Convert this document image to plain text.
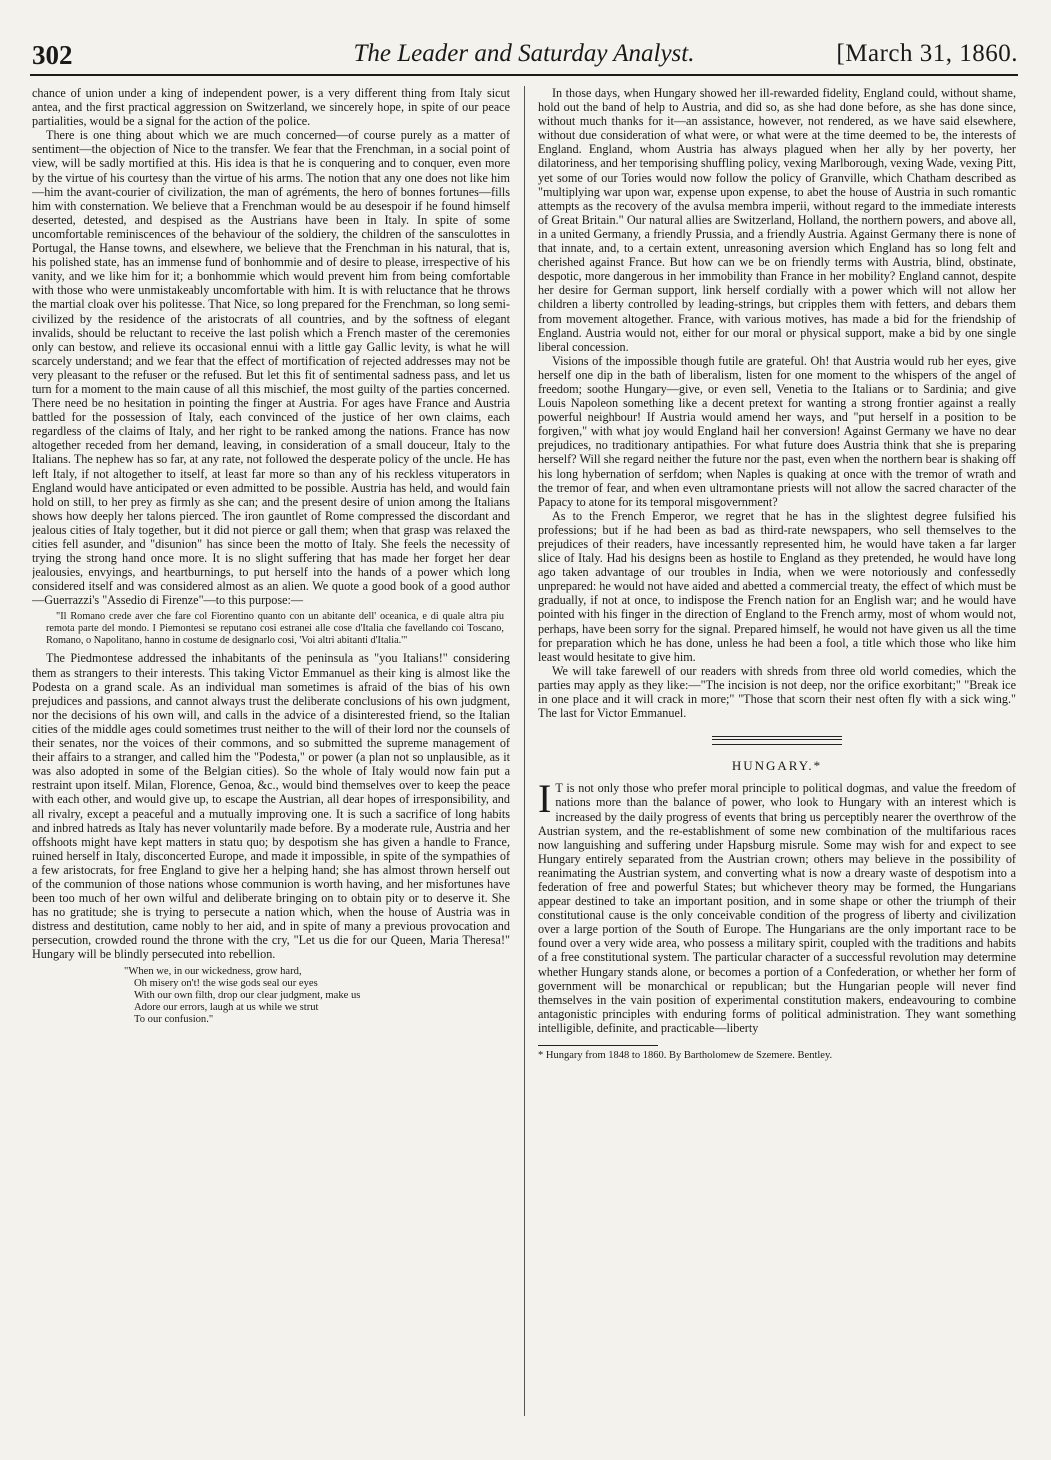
302	The Leader and Saturday Analyst.	[March 31, 1860.

chance of union under a king of independent power, is a very different thing from Italy sicut antea, and the first practical aggression on Switzerland, we sincerely hope, in spite of our peace partialities, would be a signal for the action of the police.

There is one thing about which we are much concerned—of course purely as a matter of sentiment—the objection of Nice to the transfer. We fear that the Frenchman, in a social point of view, will be sadly mortified at this. His idea is that he is conquering and to conquer, even more by the virtue of his courtesy than the virtue of his arms. The notion that any one does not like him—him the avant-courier of civilization, the man of agréments, the hero of bonnes fortunes—fills him with consternation. We believe that a Frenchman would be au desespoir if he found himself deserted, detested, and despised as the Austrians have been in Italy. In spite of some uncomfortable reminiscences of the behaviour of the soldiery, the children of the sansculottes in Portugal, the Hanse towns, and elsewhere, we believe that the Frenchman in his natural, that is, his polished state, has an immense fund of bonhommie and of desire to please, irrespective of his vanity, and we like him for it; a bonhommie which would prevent him from being comfortable with those who were unmistakeably uncomfortable with him. It is with reluctance that he throws the martial cloak over his politesse. That Nice, so long prepared for the Frenchman, so long semi-civilized by the residence of the aristocrats of all countries, and by the softness of elegant invalids, should be reluctant to receive the last polish which a French master of the ceremonies only can bestow, and relieve its occasional ennui with a little gay Gallic levity, is what he will scarcely understand; and we fear that the effect of mortification of rejected addresses may not be very pleasant to the refuser or the refused. But let this fit of sentimental sadness pass, and let us turn for a moment to the main cause of all this mischief, the most guilty of the parties concerned. There need be no hesitation in pointing the finger at Austria. For ages have France and Austria battled for the possession of Italy, each convinced of the justice of her own claims, each regardless of the claims of Italy, and her right to be ranked among the nations. France has now altogether receded from her demand, leaving, in consideration of a small douceur, Italy to the Italians. The nephew has so far, at any rate, not followed the desperate policy of the uncle. He has left Italy, if not altogether to itself, at least far more so than any of his reckless vituperators in England would have anticipated or even admitted to be possible. Austria has held, and would fain hold on still, to her prey as firmly as she can; and the present desire of union among the Italians shows how deeply her talons pierced. The iron gauntlet of Rome compressed the discordant and jealous cities of Italy together, but it did not pierce or gall them; when that grasp was relaxed the cities fell asunder, and "disunion" has since been the motto of Italy. She feels the necessity of trying the strong hand once more. It is no slight suffering that has made her forget her dear jealousies, envyings, and heartburnings, to put herself into the hands of a power which long considered itself and was considered almost as an alien. We quote a good book of a good author—Guerrazzi's "Assedio di Firenze"—to this purpose:—

"Il Romano crede aver che fare col Fiorentino quanto con un abitante dell' oceanica, e di quale altra piu remota parte del mondo. I Piemontesi se reputano cosi estranei alle cose d'Italia che favellando coi Toscano, Romano, o Napolitano, hanno in costume de designarlo cosi, 'Voi altri abitanti d'Italia.'"

The Piedmontese addressed the inhabitants of the peninsula as "you Italians!" considering them as strangers to their interests. This taking Victor Emmanuel as their king is almost like the Podesta on a grand scale. As an individual man sometimes is afraid of the bias of his own prejudices and passions, and cannot always trust the deliberate conclusions of his own judgment, nor the decisions of his own will, and calls in the advice of a disinterested friend, so the Italian cities of the middle ages could sometimes trust neither to the will of their lord nor the counsels of their senates, nor the voices of their commons, and so submitted the supreme management of their affairs to a stranger, and called him the "Podesta," or power (a plan not so unplausible, as it was also adopted in some of the Belgian cities). So the whole of Italy would now fain put a restraint upon itself. Milan, Florence, Genoa, &c., would bind themselves over to keep the peace with each other, and would give up, to escape the Austrian, all dear hopes of irresponsibility, and all rivalry, except a peaceful and a mutually improving one. It is such a sacrifice of long habits and inbred hatreds as Italy has never voluntarily made before. By a moderate rule, Austria and her offshoots might have kept matters in statu quo; by despotism she has given a handle to France, ruined herself in Italy, disconcerted Europe, and made it impossible, in spite of the sympathies of a few aristocrats, for free England to give her a helping hand; she has almost thrown herself out of the communion of those nations whose communion is worth having, and her misfortunes have been too much of her own wilful and deliberate bringing on to obtain pity or to deserve it. She has no gratitude; she is trying to persecute a nation which, when the house of Austria was in distress and destitution, came nobly to her aid, and in spite of many a previous provocation and persecution, crowded round the throne with the cry, "Let us die for our Queen, Maria Theresa!" Hungary will be blindly persecuted into rebellion.

"When we, in our wickedness, grow hard,
Oh misery on't! the wise gods seal our eyes
With our own filth, drop our clear judgment, make us
Adore our errors, laugh at us while we strut
To our confusion."

In those days, when Hungary showed her ill-rewarded fidelity, England could, without shame, hold out the band of help to Austria, and did so, as she had done before, as she has done since, without much thanks for it—an assistance, however, not rendered, as we have said elsewhere, without due consideration of what were, or what were at the time deemed to be, the interests of England. England, whom Austria has always plagued when her ally by her poverty, her dilatoriness, and her temporising shuffling policy, vexing Marlborough, vexing Wade, vexing Pitt, yet some of our Tories would now follow the policy of Granville, which Chatham described as "multiplying war upon war, expense upon expense, to abet the house of Austria in such romantic attempts as the recovery of the avulsa membra imperii, without regard to the immediate interests of Great Britain." Our natural allies are Switzerland, Holland, the northern powers, and above all, in a united Germany, a friendly Prussia, and a friendly Austria. Against Germany there is none of that innate, and, to a certain extent, unreasoning aversion which England has so long felt and cherished against France. But how can we be on friendly terms with Austria, blind, obstinate, despotic, more dangerous in her immobility than France in her mobility? England cannot, despite her desire for German support, link herself cordially with a power which will not allow her children a liberty controlled by leading-strings, but cripples them with fetters, and debars them from movement altogether. France, with various motives, has made a bid for the friendship of England. Austria would not, either for our moral or physical support, make a bid by one single liberal concession.

Visions of the impossible though futile are grateful. Oh! that Austria would rub her eyes, give herself one dip in the bath of liberalism, listen for one moment to the whispers of the angel of freedom; soothe Hungary—give, or even sell, Venetia to the Italians or to Sardinia; and give Louis Napoleon something like a decent pretext for wanting a strong frontier against a really powerful neighbour! If Austria would amend her ways, and "put herself in a position to be forgiven," with what joy would England hail her conversion! Against Germany we have no dear prejudices, no traditionary antipathies. For what future does Austria think that she is preparing herself? Will she regard neither the future nor the past, even when the northern bear is shaking off his long hybernation of serfdom; when Naples is quaking at once with the tremor of wrath and the tremor of fear, and when even ultramontane priests will not allow the sacred character of the Papacy to atone for its temporal misgovernment?

As to the French Emperor, we regret that he has in the slightest degree fulsified his professions; but if he had been as bad as third-rate newspapers, who sell themselves to the prejudices of their readers, have incessantly represented him, he would have taken a far larger slice of Italy. Had his designs been as hostile to England as they pretended, he would have long ago taken advantage of our troubles in India, when we were notoriously and confessedly unprepared: he would not have aided and abetted a commercial treaty, the effect of which must be gradually, if not at once, to indispose the French nation for an English war; and he would have pointed with his finger in the direction of England to the French army, most of whom would not, perhaps, have been sorry for the signal. Prepared himself, he would not have given us all the time for preparation which he has done, unless he had been a fool, a title which those who like him least would hesitate to give him.

We will take farewell of our readers with shreds from three old world comedies, which the parties may apply as they like:—"The incision is not deep, nor the orifice exorbitant;" "Break ice in one place and it will crack in more;" "Those that scorn their nest often fly with a sick wing." The last for Victor Emmanuel.

HUNGARY.*

I T is not only those who prefer moral principle to political dogmas, and value the freedom of nations more than the balance of power, who look to Hungary with an interest which is increased by the daily progress of events that bring us perceptibly nearer the overthrow of the Austrian system, and the re-establishment of some new combination of the multifarious races now languishing and suffering under Hapsburg misrule. Some may wish for and expect to see Hungary entirely separated from the Austrian crown; others may believe in the possibility of reanimating the Austrian system, and converting what is now a dreary waste of despotism into a federation of free and powerful States; but whichever theory may be formed, the Hungarians appear destined to take an important position, and in some shape or other the triumph of their constitutional cause is the only conceivable condition of the progress of liberty and civilization over a large portion of the South of Europe. The Hungarians are the only important race to be found over a very wide area, who possess a military spirit, coupled with the traditions and habits of a free constitutional system. The particular character of a successful revolution may determine whether Hungary stands alone, or becomes a portion of a Confederation, or whether her form of government will be monarchical or republican; but the Hungarian people will never find themselves in the vain position of experimental constitution makers, endeavouring to combine antagonistic principles with enduring forms of political administration. They want something intelligible, definite, and practicable—liberty

* Hungary from 1848 to 1860. By Bartholomew de Szemere. Bentley.
